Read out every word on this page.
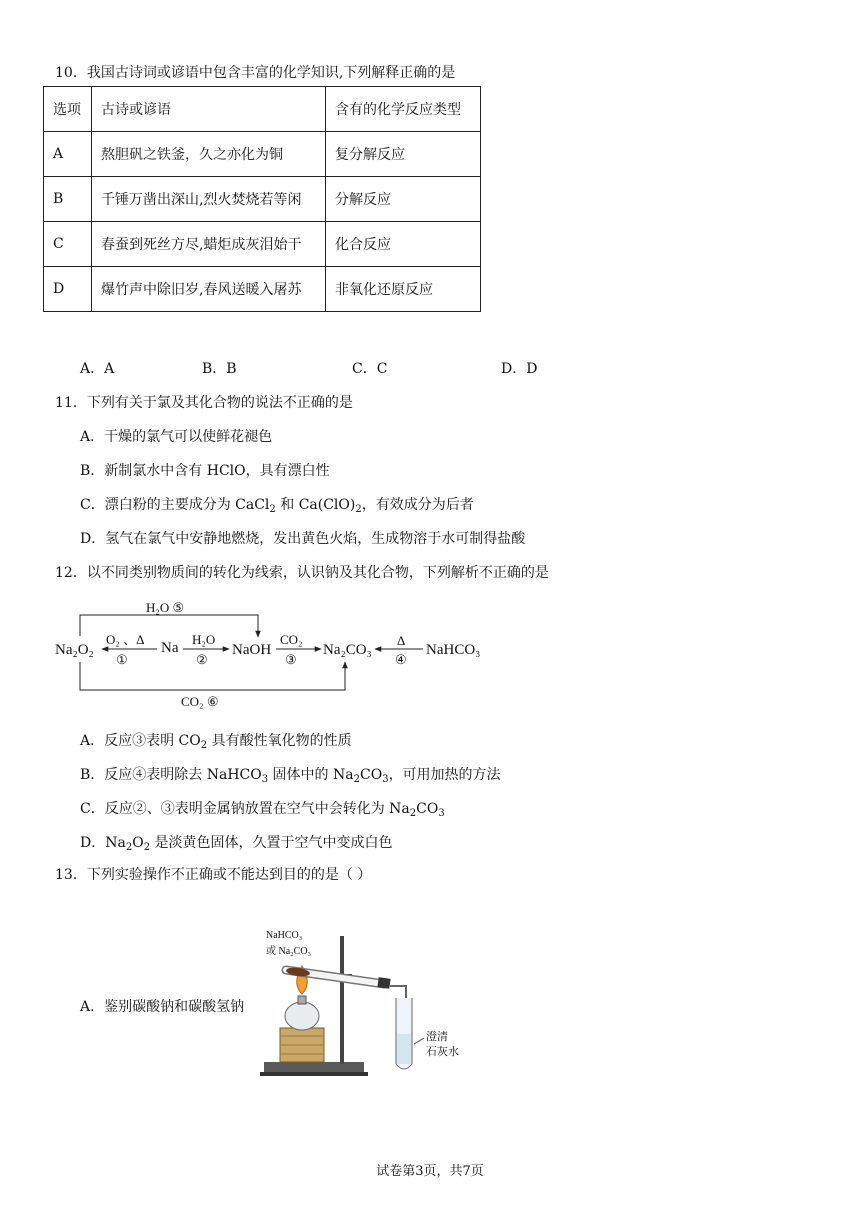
10．我国古诗词或谚语中包含丰富的化学知识,下列解释正确的是
选项	古诗或谚语	含有的化学反应类型
A	熬胆矾之铁釜，久之亦化为铜	复分解反应
B	千锤万凿出深山,烈火焚烧若等闲	分解反应
C	春蚕到死丝方尽,蜡炬成灰泪始干	化合反应
D	爆竹声中除旧岁,春风送暖入屠苏	非氧化还原反应
A．A	B．B	C．C	D．D
11．下列有关于氯及其化合物的说法不正确的是
A．干燥的氯气可以使鲜花褪色
B．新制氯水中含有 HClO，具有漂白性
C．漂白粉的主要成分为 CaCl$_2$ 和 $Ca(ClO)_2$，有效成分为后者
D．氢气在氯气中安静地燃烧，发出黄色火焰，生成物溶于水可制得盐酸
12．以不同类别物质间的转化为线索，认识钠及其化合物，下列解析不正确的是
Na₂O₂	Na	NaOH	Na₂CO₃	NaHCO₃
O₂ 、Δ
①
H₂O
②
CO₂
③
Δ
④
H₂O ⑤
CO₂ ⑥
A．反应③表明 $CO_2$ 具有酸性氧化物的性质
B．反应④表明除去 NaHCO$_3$ 固体中的 $Na_2CO_3$，可用加热的方法
C．反应②、③表明金属钠放置在空气中会转化为 $Na_2CO_3$
D．$Na_2O_2$ 是淡黄色固体，久置于空气中变成白色
13．下列实验操作不正确或不能达到目的的是（ ）
A．鉴别碳酸钠和碳酸氢钠
NaHCO₃
或 Na₂CO₃
澄清
石灰水
试卷第3页，共7页
